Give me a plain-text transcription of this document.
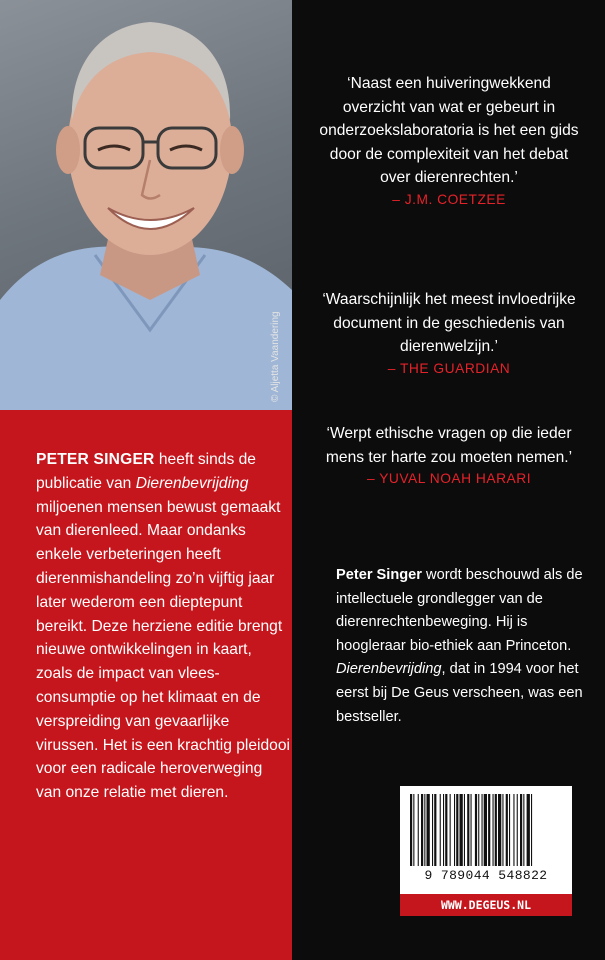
© Aljetta Vaandering
PETER SINGER heeft sinds de publicatie van Dierenbevrijding miljoenen mensen bewust gemaakt van dierenleed. Maar ondanks enkele verbeteringen heeft dierenmishandeling zo’n vijftig jaar later wederom een dieptepunt bereikt. Deze herziene editie brengt nieuwe ontwikkelingen in kaart, zoals de impact van vlees-consumptie op het klimaat en de verspreiding van gevaarlijke virussen. Het is een krachtig pleidooi voor een radicale heroverweging van onze relatie met dieren.
‘Naast een huiveringwekkend overzicht van wat er gebeurt in onderzoekslaboratoria is het een gids door de complexiteit van het debat over dierenrechten.’
– J.M. COETZEE
‘Waarschijnlijk het meest invloedrijke document in de geschiedenis van dierenwelzijn.’
– THE GUARDIAN
‘Werpt ethische vragen op die ieder mens ter harte zou moeten nemen.’
– YUVAL NOAH HARARI
Peter Singer wordt beschouwd als de intellectuele grondlegger van de dierenrechtenbeweging. Hij is hoogleraar bio-ethiek aan Princeton. Dierenbevrijding, dat in 1994 voor het eerst bij De Geus verscheen, was een bestseller.
9 789044 548822
WWW.DEGEUS.NL
